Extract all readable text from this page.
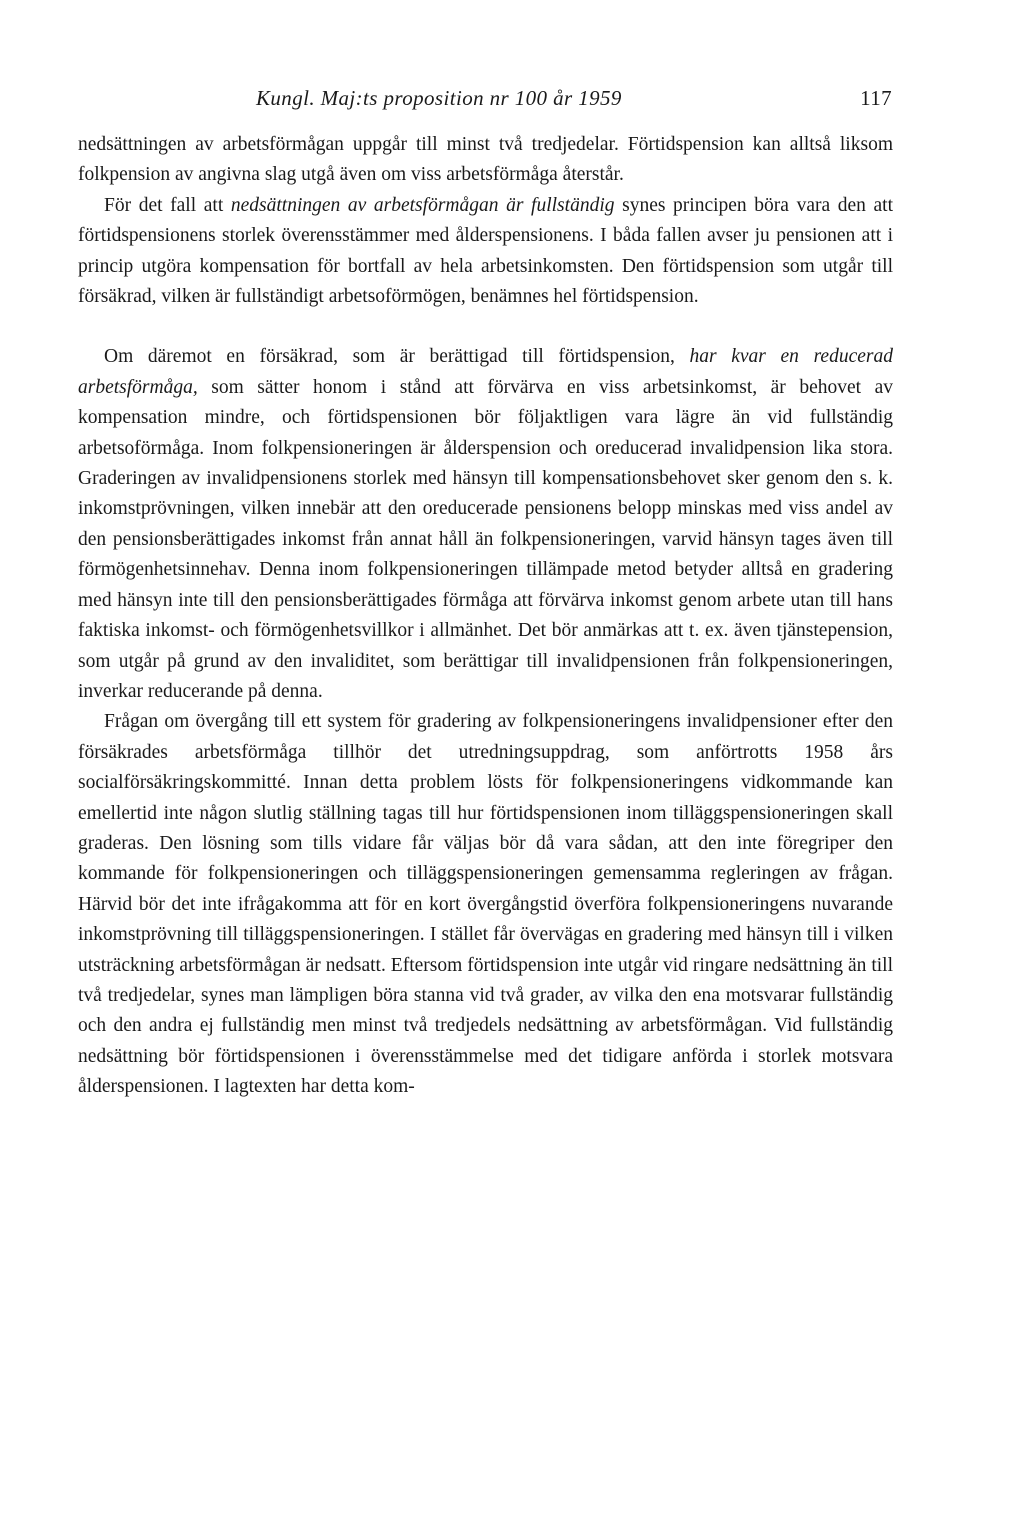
Kungl. Maj:ts proposition nr 100 år 1959	117

nedsättningen av arbetsförmågan uppgår till minst två tredjedelar. Förtidspension kan alltså liksom folkpension av angivna slag utgå även om viss arbetsförmåga återstår.

För det fall att nedsättningen av arbetsförmågan är fullständig synes principen böra vara den att förtidspensionens storlek överensstämmer med ålderspensionens. I båda fallen avser ju pensionen att i princip utgöra kompensation för bortfall av hela arbetsinkomsten. Den förtidspension som utgår till försäkrad, vilken är fullständigt arbetsoförmögen, benämnes hel förtidspension.

Om däremot en försäkrad, som är berättigad till förtidspension, har kvar en reducerad arbetsförmåga, som sätter honom i stånd att förvärva en viss arbetsinkomst, är behovet av kompensation mindre, och förtidspensionen bör följaktligen vara lägre än vid fullständig arbetsoförmåga. Inom folkpensioneringen är ålderspension och oreducerad invalidpension lika stora. Graderingen av invalidpensionens storlek med hänsyn till kompensationsbehovet sker genom den s. k. inkomstprövningen, vilken innebär att den oreducerade pensionens belopp minskas med viss andel av den pensionsberättigades inkomst från annat håll än folkpensioneringen, varvid hänsyn tages även till förmögenhetsinnehav. Denna inom folkpensioneringen tillämpade metod betyder alltså en gradering med hänsyn inte till den pensionsberättigades förmåga att förvärva inkomst genom arbete utan till hans faktiska inkomst- och förmögenhetsvillkor i allmänhet. Det bör anmärkas att t. ex. även tjänstepension, som utgår på grund av den invaliditet, som berättigar till invalidpensionen från folkpensioneringen, inverkar reducerande på denna.

Frågan om övergång till ett system för gradering av folkpensioneringens invalidpensioner efter den försäkrades arbetsförmåga tillhör det utredningsuppdrag, som anförtrotts 1958 års socialförsäkringskommitté. Innan detta problem lösts för folkpensioneringens vidkommande kan emellertid inte någon slutlig ställning tagas till hur förtidspensionen inom tilläggspensioneringen skall graderas. Den lösning som tills vidare får väljas bör då vara sådan, att den inte föregriper den kommande för folkpensioneringen och tilläggspensioneringen gemensamma regleringen av frågan. Härvid bör det inte ifrågakomma att för en kort övergångstid överföra folkpensioneringens nuvarande inkomstprövning till tilläggspensioneringen. I stället får övervägas en gradering med hänsyn till i vilken utsträckning arbetsförmågan är nedsatt. Eftersom förtidspension inte utgår vid ringare nedsättning än till två tredjedelar, synes man lämpligen böra stanna vid två grader, av vilka den ena motsvarar fullständig och den andra ej fullständig men minst två tredjedels nedsättning av arbetsförmågan. Vid fullständig nedsättning bör förtidspensionen i överensstämmelse med det tidigare anförda i storlek motsvara ålderspensionen. I lagtexten har detta kom-
